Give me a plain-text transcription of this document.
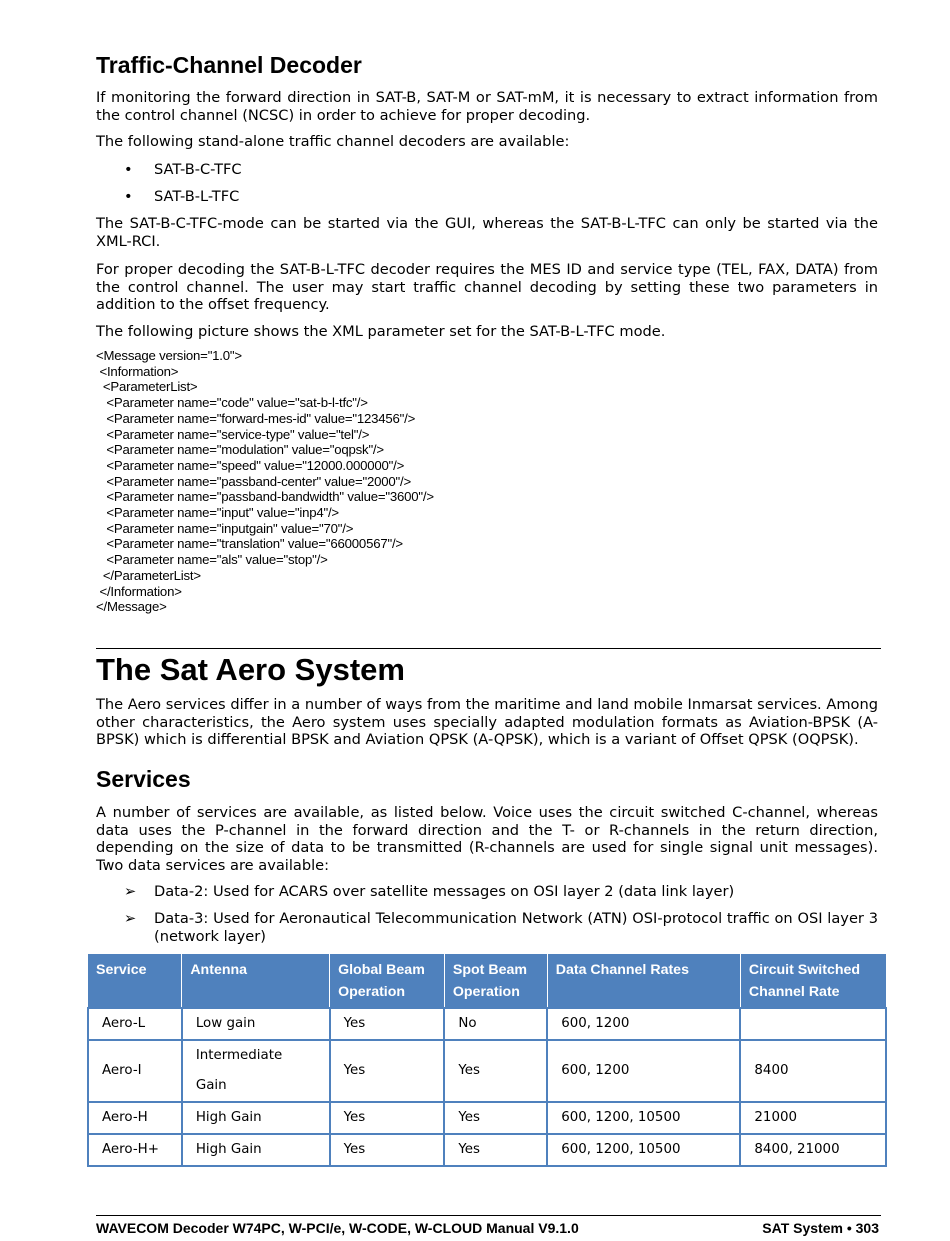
Traffic-Channel Decoder

If monitoring the forward direction in SAT-B, SAT-M or SAT-mM, it is necessary to extract information from the control channel (NCSC) in order to achieve for proper decoding.

The following stand-alone traffic channel decoders are available:

• SAT-B-C-TFC
• SAT-B-L-TFC

The SAT-B-C-TFC-mode can be started via the GUI, whereas the SAT-B-L-TFC can only be started via the XML-RCI.

For proper decoding the SAT-B-L-TFC decoder requires the MES ID and service type (TEL, FAX, DATA) from the control channel. The user may start traffic channel decoding by setting these two parameters in addition to the offset frequency.

The following picture shows the XML parameter set for the SAT-B-L-TFC mode.

<Message version="1.0">
<Information>
<ParameterList>
<Parameter name="code" value="sat-b-l-tfc"/>
<Parameter name="forward-mes-id" value="123456"/>
<Parameter name="service-type" value="tel"/>
<Parameter name="modulation" value="oqpsk"/>
<Parameter name="speed" value="12000.000000"/>
<Parameter name="passband-center" value="2000"/>
<Parameter name="passband-bandwidth" value="3600"/>
<Parameter name="input" value="inp4"/>
<Parameter name="inputgain" value="70"/>
<Parameter name="translation" value="66000567"/>
<Parameter name="als" value="stop"/>
</ParameterList>
</Information>
</Message>
The Sat Aero System

The Aero services differ in a number of ways from the maritime and land mobile Inmarsat services. Among other characteristics, the Aero system uses specially adapted modulation formats as Aviation-BPSK (A-BPSK) which is differential BPSK and Aviation QPSK (A-QPSK), which is a variant of Offset QPSK (OQPSK).

Services

A number of services are available, as listed below. Voice uses the circuit switched C-channel, whereas data uses the P-channel in the forward direction and the T- or R-channels in the return direction, depending on the size of data to be transmitted (R-channels are used for single signal unit messages). Two data services are available:

➢ Data-2: Used for ACARS over satellite messages on OSI layer 2 (data link layer)
➢ Data-3: Used for Aeronautical Telecommunication Network (ATN) OSI-protocol traffic on OSI layer 3 (network layer)
Service	Antenna	Global Beam Operation	Spot Beam Operation	Data Channel Rates	Circuit Switched Channel Rate
Aero-L	Low gain	Yes	No	600, 1200	
Aero-I	Intermediate Gain	Yes	Yes	600, 1200	8400
Aero-H	High Gain	Yes	Yes	600, 1200, 10500	21000
Aero-H+	High Gain	Yes	Yes	600, 1200, 10500	8400, 21000
WAVECOM Decoder W74PC, W-PCI/e, W-CODE, W-CLOUD Manual V9.1.0	SAT System • 303
